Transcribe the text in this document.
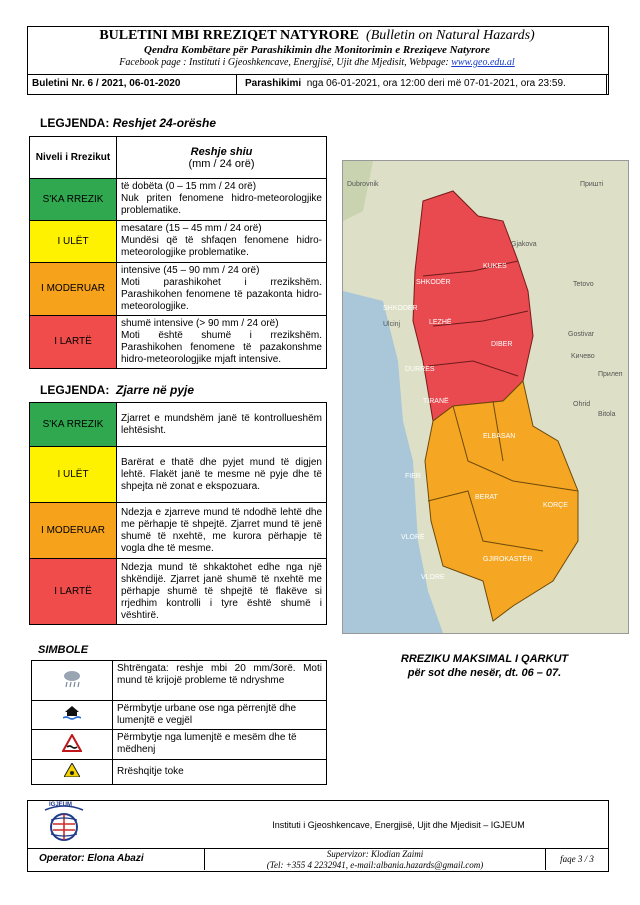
BULETINI MBI RREZIQET NATYRORE (Bulletin on Natural Hazards)
Qendra Kombëtare për Parashikimin dhe Monitorimin e Rreziqeve Natyrore
Facebook page : Instituti i Gjeoshkencave, Energjisë, Ujit dhe Mjedisit, Webpage: www.geo.edu.al
Buletini Nr. 6 / 2021, 06-01-2020	Parashikimi nga 06-01-2021, ora 12:00 deri më 07-01-2021, ora 23:59.
LEGJENDA: Reshjet 24-orëshe
Niveli i Rrezikut	Reshje shiu
(mm / 24 orë)

S'KA RREZIK	të dobëta (0 – 15 mm / 24 orë)
Nuk priten fenomene hidro-meteorologjike problematike.

I ULËT	mesatare (15 – 45 mm / 24 orë)
Mundësi që të shfaqen fenomene hidro-meteorologjike problematike.

I MODERUAR	intensive (45 – 90 mm / 24 orë)
Moti parashikohet i rrezikshëm. Parashikohen fenomene të pazakonta hidro-meteorologjike.

I LARTË	shumë intensive (> 90 mm / 24 orë)
Moti është shumë i rrezikshëm. Parashikohen fenomene të pazakonshme hidro-meteorologjike mjaft intensive.
LEGJENDA: Zjarre në pyje
S'KA RREZIK	Zjarret e mundshëm janë të kontrollueshëm lehtësisht.
I ULËT	Barërat e thatë dhe pyjet mund të digjen lehtë. Flakët janë te mesme në pyje dhe të shpejta në zonat e ekspozuara.
I MODERUAR	Ndezja e zjarreve mund të ndodhë lehtë dhe me përhapje të shpejtë. Zjarret mund të jenë shumë të nxehtë, me kurora përhapje të vogla dhe të mesme.
I LARTË	Ndezja mund të shkaktohet edhe nga një shkëndijë. Zjarret janë shumë të nxehtë me përhapje shumë të shpejtë të flakëve si rrjedhim kontrolli i tyre është shumë i vështirë.
SIMBOLE
	Shtrëngata: reshje mbi 20 mm/3orë. Moti mund të krijojë probleme të ndryshme
	Përmbytje urbane ose nga përrenjtë dhe lumenjtë e vegjël
	Përmbytje nga lumenjtë e mesëm dhe të mëdhenj
	Rrëshqitje toke
SHKODËR
KUKES
LEZHË
DIBER
DURRES
TIRANË
ELBASAN
FIER
BERAT
KORÇE
VLORË
GJIROKASTËR
VLORE
SHKODER
Приштi
Gjakova
Tetovo
Gostivar
Kичево
Ohrid
Прилеп
Bitola
Dubrovnik
Ulcinj
RREZIKU MAKSIMAL I QARKUT
për sot dhe nesër, dt. 06 – 07.
IGJEUM
Instituti i Gjeoshkencave, Energjisë, Ujit dhe Mjedisit – IGJEUM
Operator: Elona Abazi	Supervizor: Klodian Zaimi
(Tel: +355 4 2232941, e-mail:albania.hazards@gmail.com)
faqe 3 / 3
